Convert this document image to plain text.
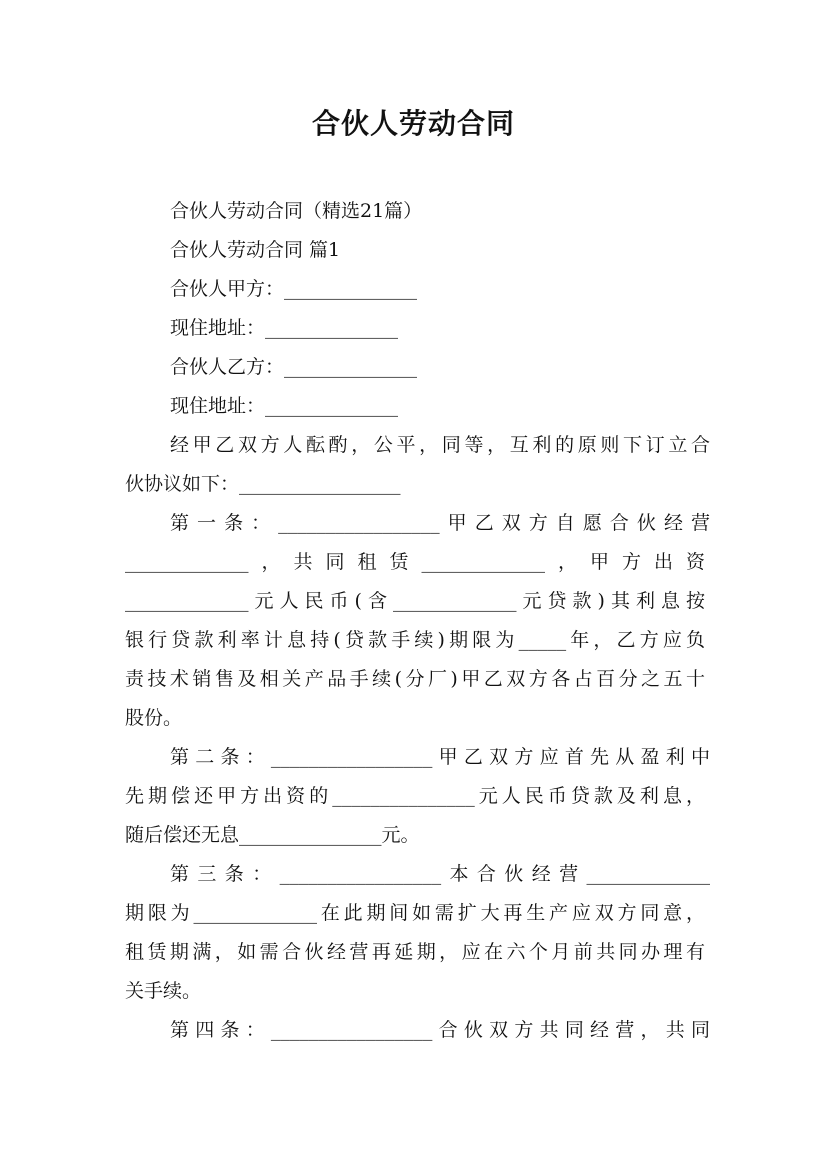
合伙人劳动合同
合伙人劳动合同（精选21篇）
合伙人劳动合同 篇1
合伙人甲方：______________
现住地址：______________
合伙人乙方：______________
现住地址：______________
经甲乙双方人酝酌，公平，同等，互利的原则下订立合
伙协议如下：_________________
第一条：_________________甲乙双方自愿合伙经营
_____________，共同租赁_____________，甲方出资
_____________元人民币(含_____________元贷款)其利息按
银行贷款利率计息持(贷款手续)期限为_____年，乙方应负
责技术销售及相关产品手续(分厂)甲乙双方各占百分之五十
股份。
第二条：_________________甲乙双方应首先从盈利中
先期偿还甲方出资的_______________元人民币贷款及利息，
随后偿还无息_______________元。
第三条：_________________本合伙经营_____________
期限为_____________在此期间如需扩大再生产应双方同意，
租赁期满，如需合伙经营再延期，应在六个月前共同办理有
关手续。
第四条：_________________合伙双方共同经营，共同
